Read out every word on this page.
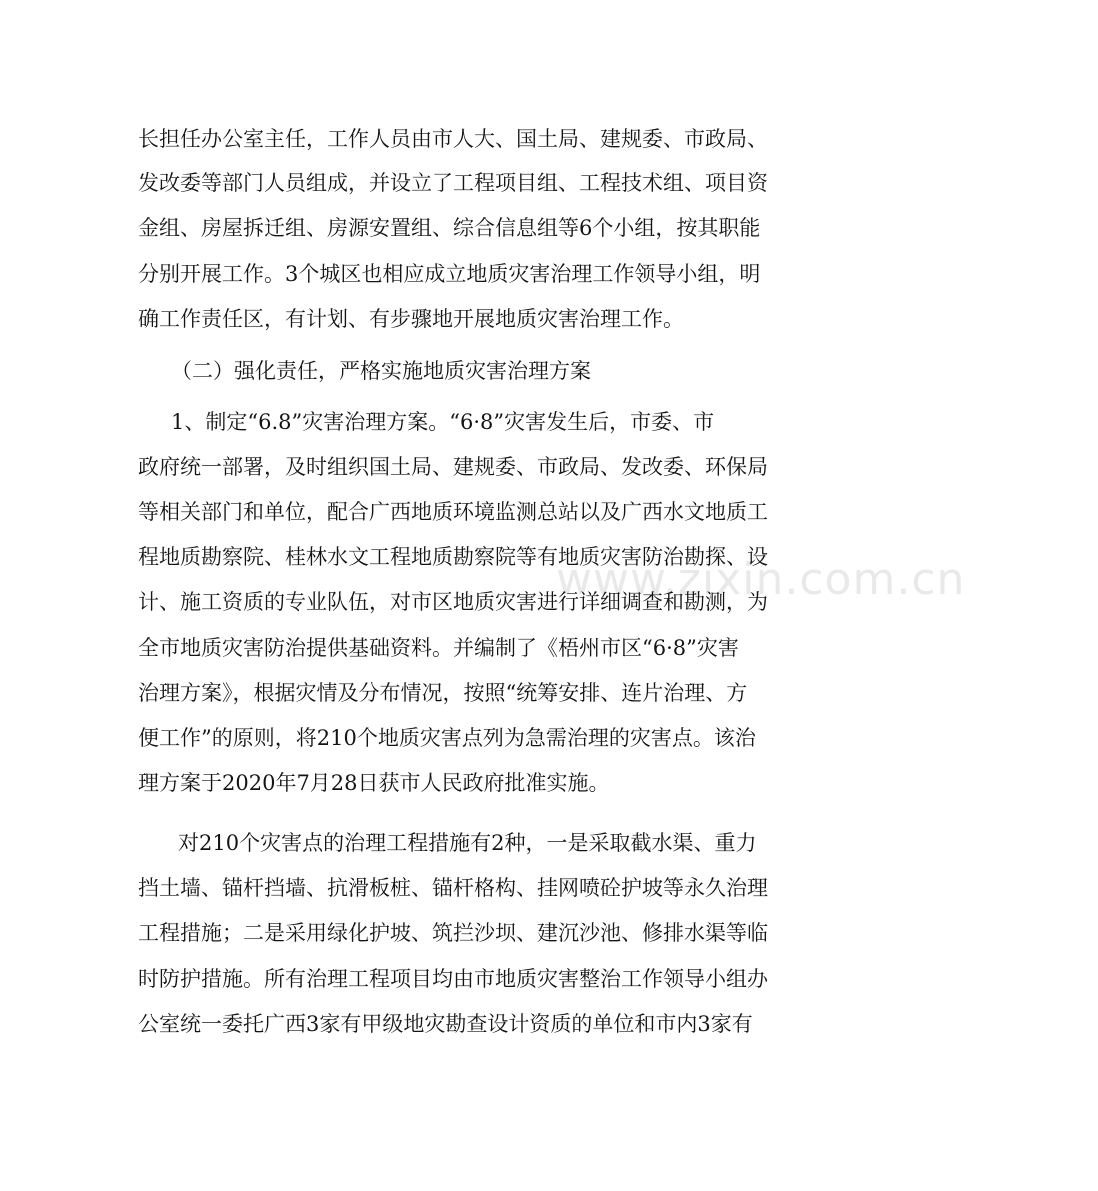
www.zixin.com.cn
长担任办公室主任，工作人员由市人大、国土局、建规委、市政局、
发改委等部门人员组成，并设立了工程项目组、工程技术组、项目资
金组、房屋拆迁组、房源安置组、综合信息组等6个小组，按其职能
分别开展工作。3个城区也相应成立地质灾害治理工作领导小组，明
确工作责任区，有计划、有步骤地开展地质灾害治理工作。
（二）强化责任，严格实施地质灾害治理方案
1、制定“6.8”灾害治理方案。“6·8”灾害发生后，市委、市
政府统一部署，及时组织国土局、建规委、市政局、发改委、环保局
等相关部门和单位，配合广西地质环境监测总站以及广西水文地质工
程地质勘察院、桂林水文工程地质勘察院等有地质灾害防治勘探、设
计、施工资质的专业队伍，对市区地质灾害进行详细调查和勘测，为
全市地质灾害防治提供基础资料。并编制了《梧州市区“6·8”灾害
治理方案》，根据灾情及分布情况，按照“统筹安排、连片治理、方
便工作”的原则，将210个地质灾害点列为急需治理的灾害点。该治
理方案于2020年7月28日获市人民政府批准实施。
对210个灾害点的治理工程措施有2种，一是采取截水渠、重力
挡土墙、锚杆挡墙、抗滑板桩、锚杆格构、挂网喷砼护坡等永久治理
工程措施；二是采用绿化护坡、筑拦沙坝、建沉沙池、修排水渠等临
时防护措施。所有治理工程项目均由市地质灾害整治工作领导小组办
公室统一委托广西3家有甲级地灾勘查设计资质的单位和市内3家有
